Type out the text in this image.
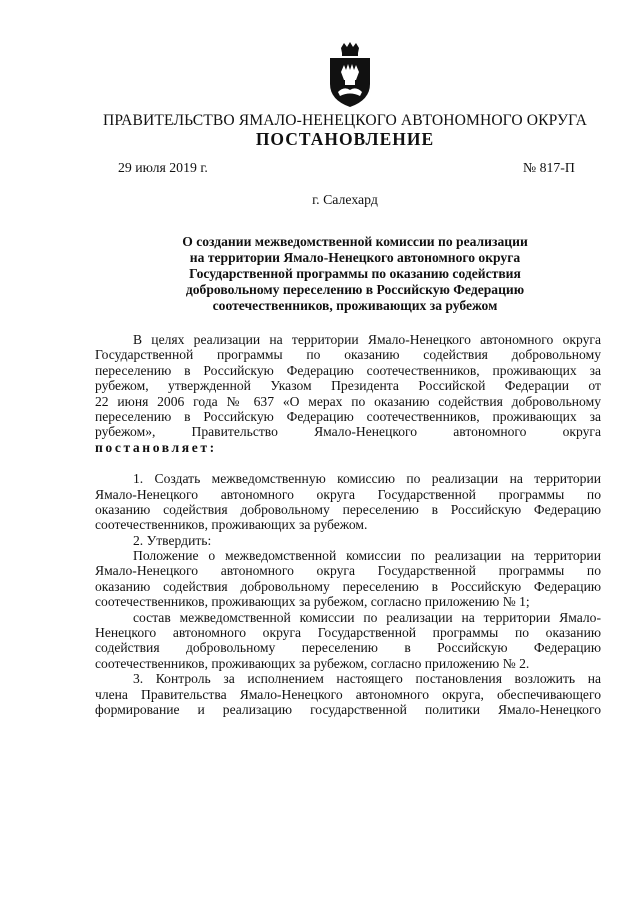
ПРАВИТЕЛЬСТВО ЯМАЛО-НЕНЕЦКОГО АВТОНОМНОГО ОКРУГА
ПОСТАНОВЛЕНИЕ
29 июля 2019 г.	№ 817-П
г. Салехард
О создании межведомственной комиссии по реализации
на территории Ямало-Ненецкого автономного округа
Государственной программы по оказанию содействия
добровольному переселению в Российскую Федерацию
соотечественников, проживающих за рубежом
В целях реализации на территории Ямало-Ненецкого автономного округа
Государственной программы по оказанию содействия добровольному
переселению в Российскую Федерацию соотечественников, проживающих за
рубежом, утвержденной Указом Президента Российской Федерации от
22 июня 2006 года № 637 «О мерах по оказанию содействия добровольному
переселению в Российскую Федерацию соотечественников, проживающих за
рубежом», Правительство Ямало-Ненецкого автономного округа
постановляет:
1. Создать межведомственную комиссию по реализации на территории
Ямало-Ненецкого автономного округа Государственной программы по
оказанию содействия добровольному переселению в Российскую Федерацию
соотечественников, проживающих за рубежом.
2. Утвердить:
Положение о межведомственной комиссии по реализации на территории
Ямало-Ненецкого автономного округа Государственной программы по
оказанию содействия добровольному переселению в Российскую Федерацию
соотечественников, проживающих за рубежом, согласно приложению № 1;
состав межведомственной комиссии по реализации на территории Ямало-
Ненецкого автономного округа Государственной программы по оказанию
содействия добровольному переселению в Российскую Федерацию
соотечественников, проживающих за рубежом, согласно приложению № 2.
3. Контроль за исполнением настоящего постановления возложить на
члена Правительства Ямало-Ненецкого автономного округа, обеспечивающего
формирование и реализацию государственной политики Ямало-Ненецкого
